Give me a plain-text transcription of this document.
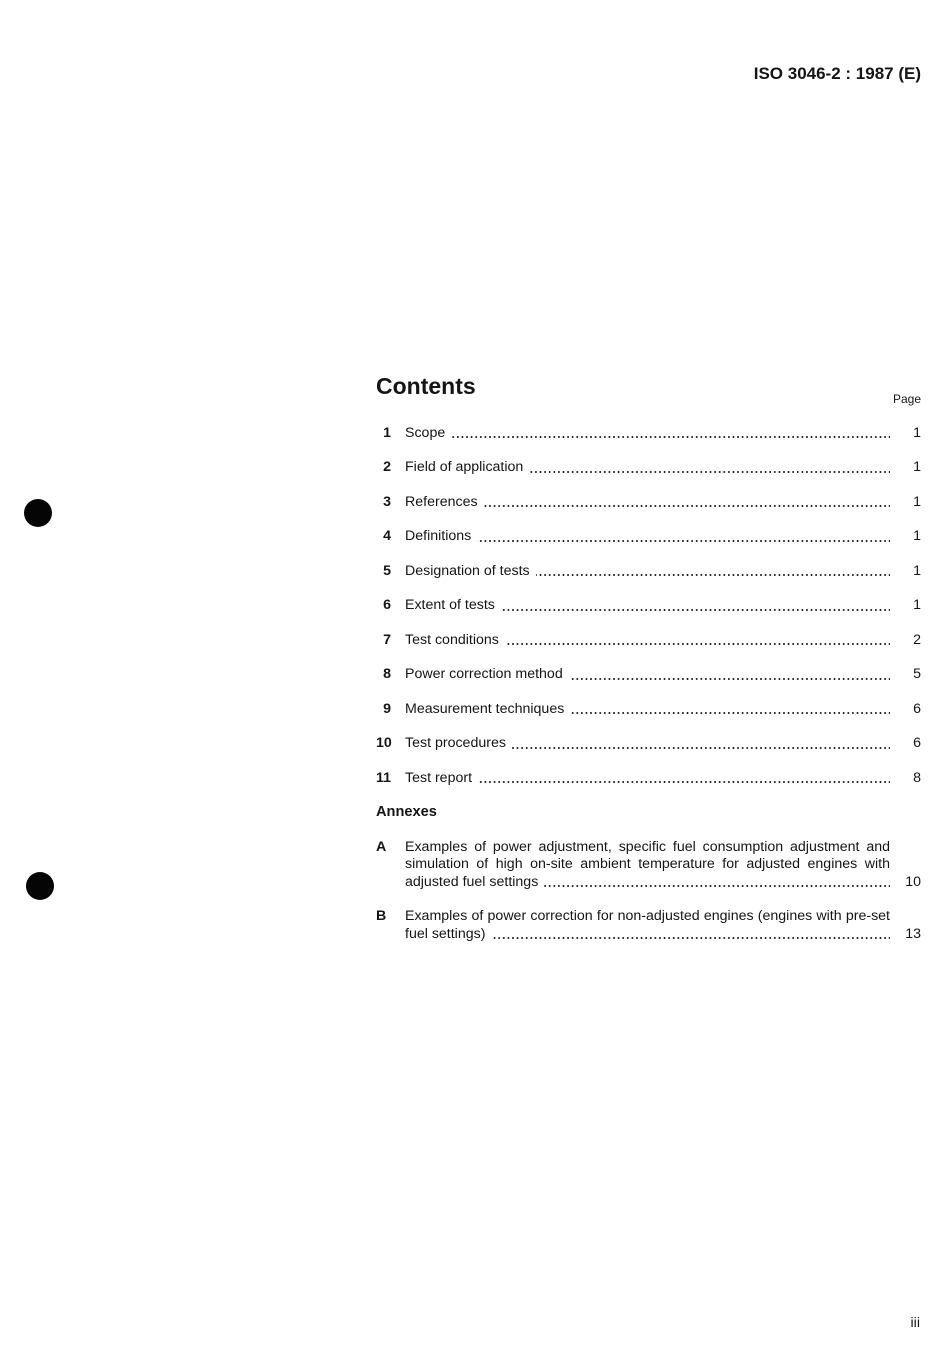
ISO 3046-2 : 1987 (E)
Contents	Page
1 Scope	1
2 Field of application	1
3 References	1
4 Definitions	1
5 Designation of tests	1
6 Extent of tests	1
7 Test conditions	2
8 Power correction method	5
9 Measurement techniques	6
10 Test procedures	6
11 Test report	8
Annexes
A	Examples of power adjustment, specific fuel consumption adjustment and
simulation of high on-site ambient temperature for adjusted engines with
adjusted fuel settings	10
B	Examples of power correction for non-adjusted engines (engines with pre-set
fuel settings)	13
iii
